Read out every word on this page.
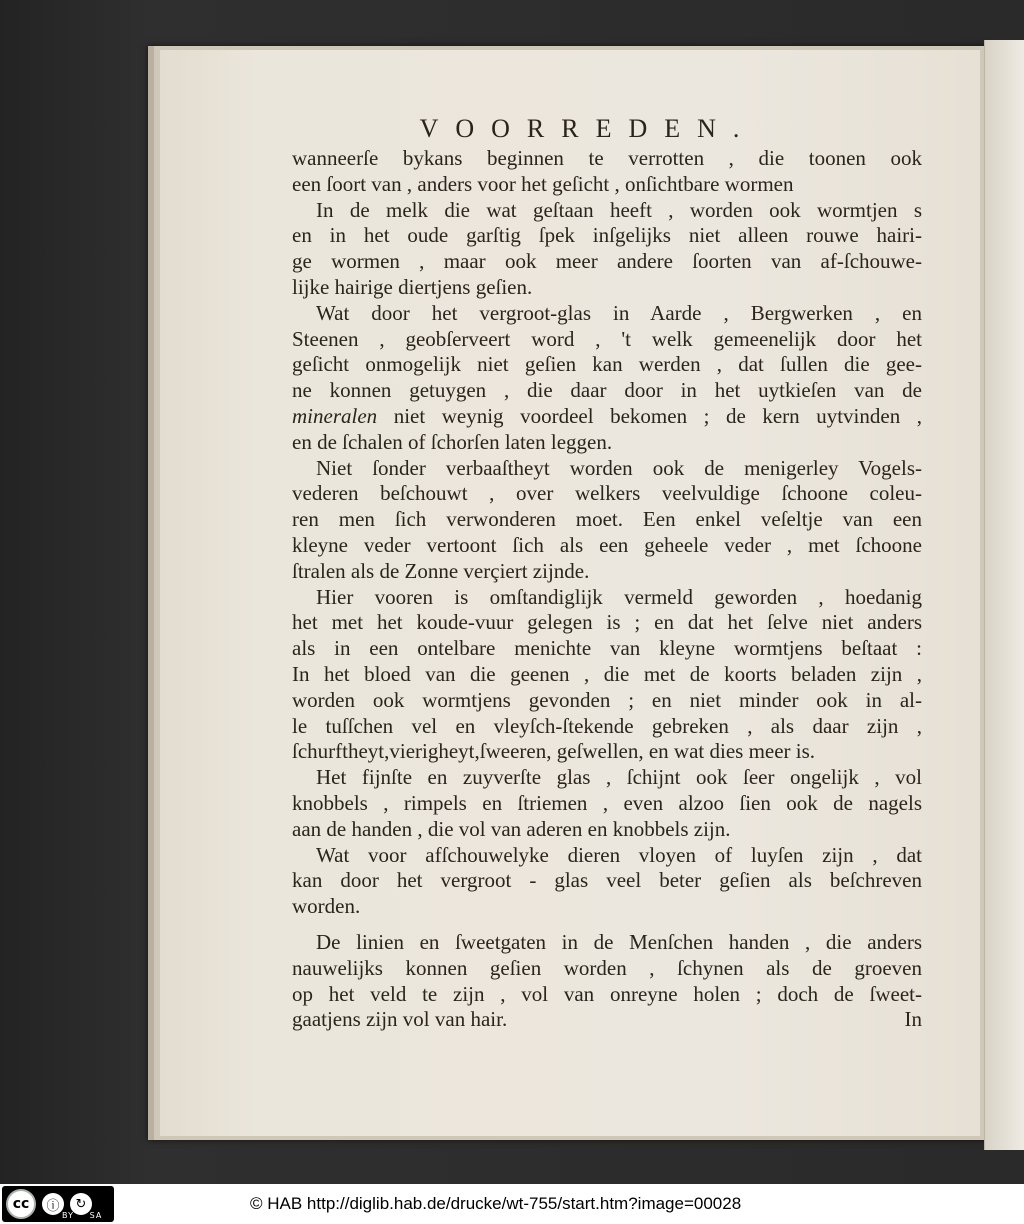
VOORREDEN.
wanneerſe bykans beginnen te verrotten , die toonen ook
een ſoort van , anders voor het geſicht , onſichtbare wormen
In de melk die wat geſtaan heeft , worden ook wormtjen s
en in het oude garſtig ſpek inſgelijks niet alleen rouwe hairi-
ge wormen , maar ook meer andere ſoorten van af-ſchouwe-
lijke hairige diertjens geſien.
Wat door het vergroot-glas in Aarde , Bergwerken , en
Steenen , geobſerveert word , 't welk gemeenelijk door het
geſicht onmogelijk niet geſien kan werden , dat ſullen die gee-
ne konnen getuygen , die daar door in het uytkieſen van de
mineralen niet weynig voordeel bekomen ; de kern uytvinden ,
en de ſchalen of ſchorſen laten leggen.
Niet ſonder verbaaſtheyt worden ook de menigerley Vogels-
vederen beſchouwt , over welkers veelvuldige ſchoone coleu-
ren men ſich verwonderen moet. Een enkel veſeltje van een
kleyne veder vertoont ſich als een geheele veder , met ſchoone
ſtralen als de Zonne verçiert zijnde.
Hier vooren is omſtandiglijk vermeld geworden , hoedanig
het met het koude-vuur gelegen is ; en dat het ſelve niet anders
als in een ontelbare menichte van kleyne wormtjens beſtaat :
In het bloed van die geenen , die met de koorts beladen zijn ,
worden ook wormtjens gevonden ; en niet minder ook in al-
le tuſſchen vel en vleyſch-ſtekende gebreken , als daar zijn ,
ſchurftheyt,vierigheyt,ſweeren, geſwellen, en wat dies meer is.
Het fijnſte en zuyverſte glas , ſchijnt ook ſeer ongelijk , vol
knobbels , rimpels en ſtriemen , even alzoo ſien ook de nagels
aan de handen , die vol van aderen en knobbels zijn.
Wat voor afſchouwelyke dieren vloyen of luyſen zijn , dat
kan door het vergroot - glas veel beter geſien als beſchreven
worden.
De linien en ſweetgaten in de Menſchen handen , die anders
nauwelijks konnen geſien worden , ſchynen als de groeven
op het veld te zijn , vol van onreyne holen ; doch de ſweet-
gaatjens zijn vol van hair.	In
cc	ⓘ	↻
BY SA
© HAB http://diglib.hab.de/drucke/wt-755/start.htm?image=00028
